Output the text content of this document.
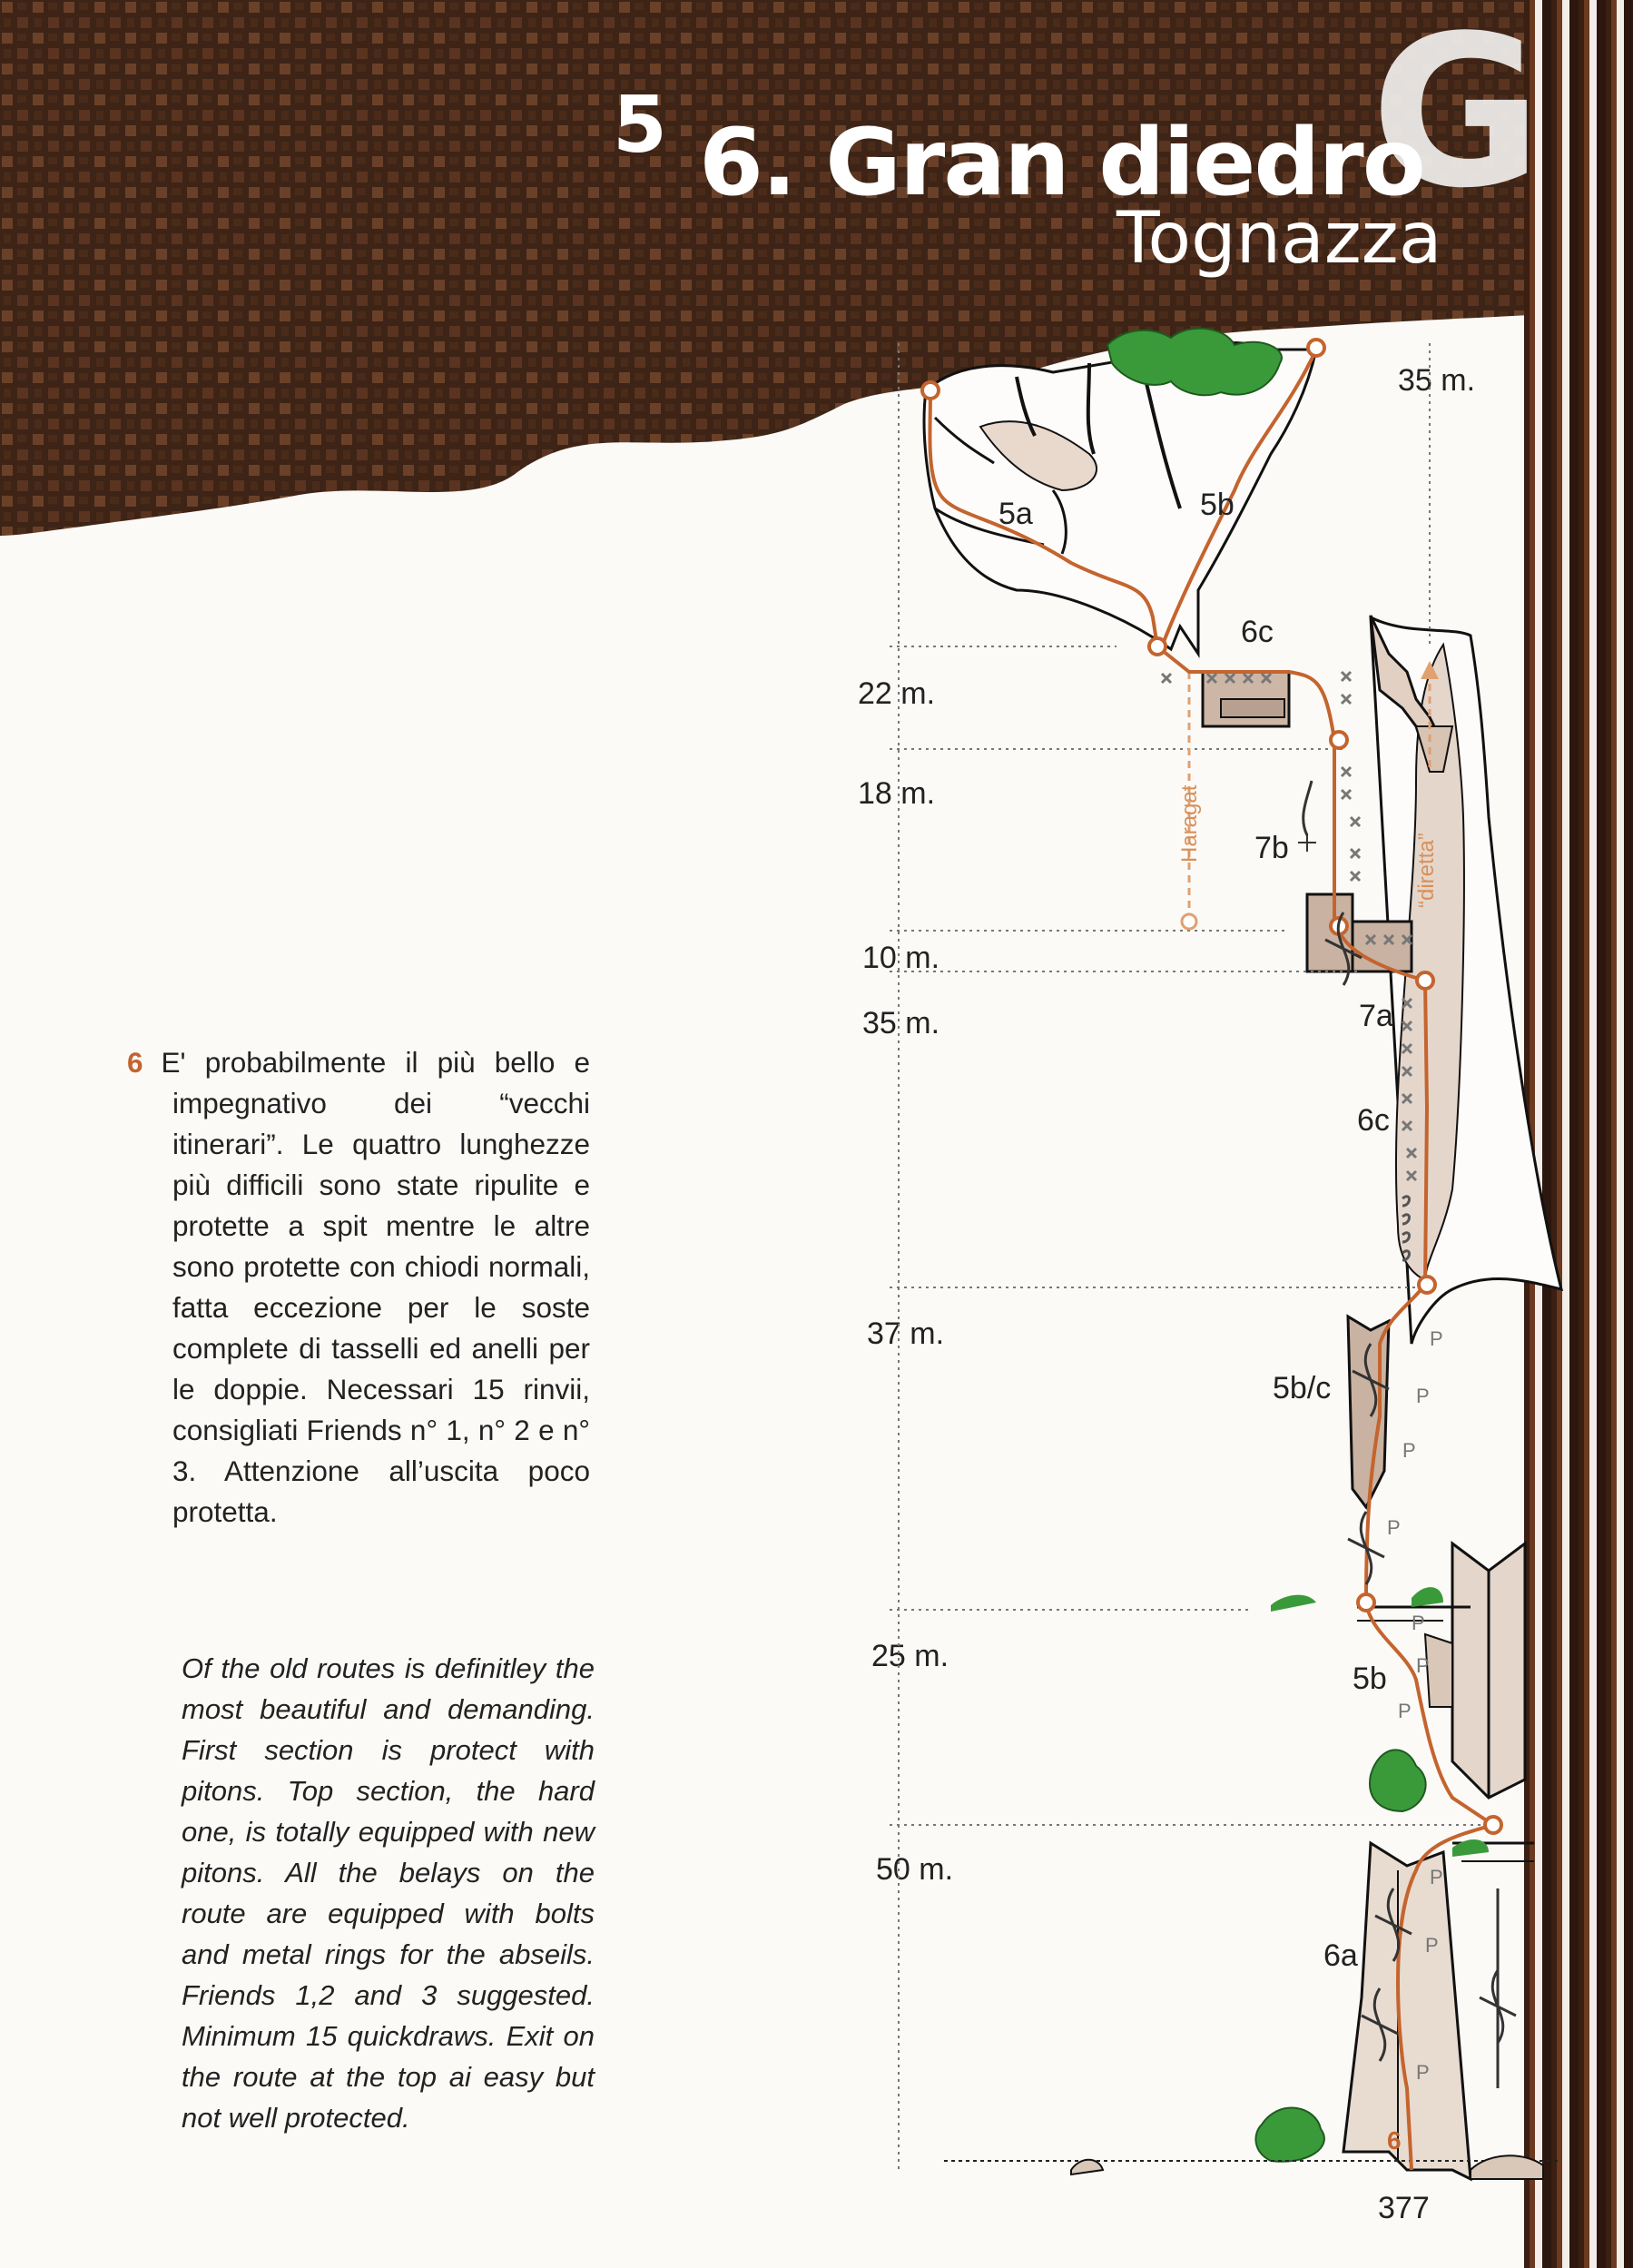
G
5 6. Gran diedro
Tognazza
P
P
P
P
P
P
P
P
P
P
35 m.
22 m.
18 m.
10 m.
35 m.
37 m.
25 m.
50 m.
5a	5b
6c
7b
7a
6c
5b/c
5b
6a
Haragat
“diretta”
6
6 E' probabilmente il più bello e impegnativo dei “vecchi itinerari”. Le quattro lunghezze più difficili sono state ripulite e protette a spit mentre le altre sono protette con chiodi normali, fatta eccezione per le soste complete di tasselli ed anelli per le doppie. Necessari 15 rinvii, consigliati Friends n° 1, n° 2 e n° 3. Attenzione all’uscita poco protetta.
Of the old routes is definitley the most beautiful and demanding. First section is protect with pitons. Top section, the hard one, is totally equipped with new pitons. All the belays on the route are equipped with bolts and metal rings for the abseils. Friends 1,2 and 3 suggested. Minimum 15 quickdraws. Exit on the route at the top ai easy but not well protected.
377
